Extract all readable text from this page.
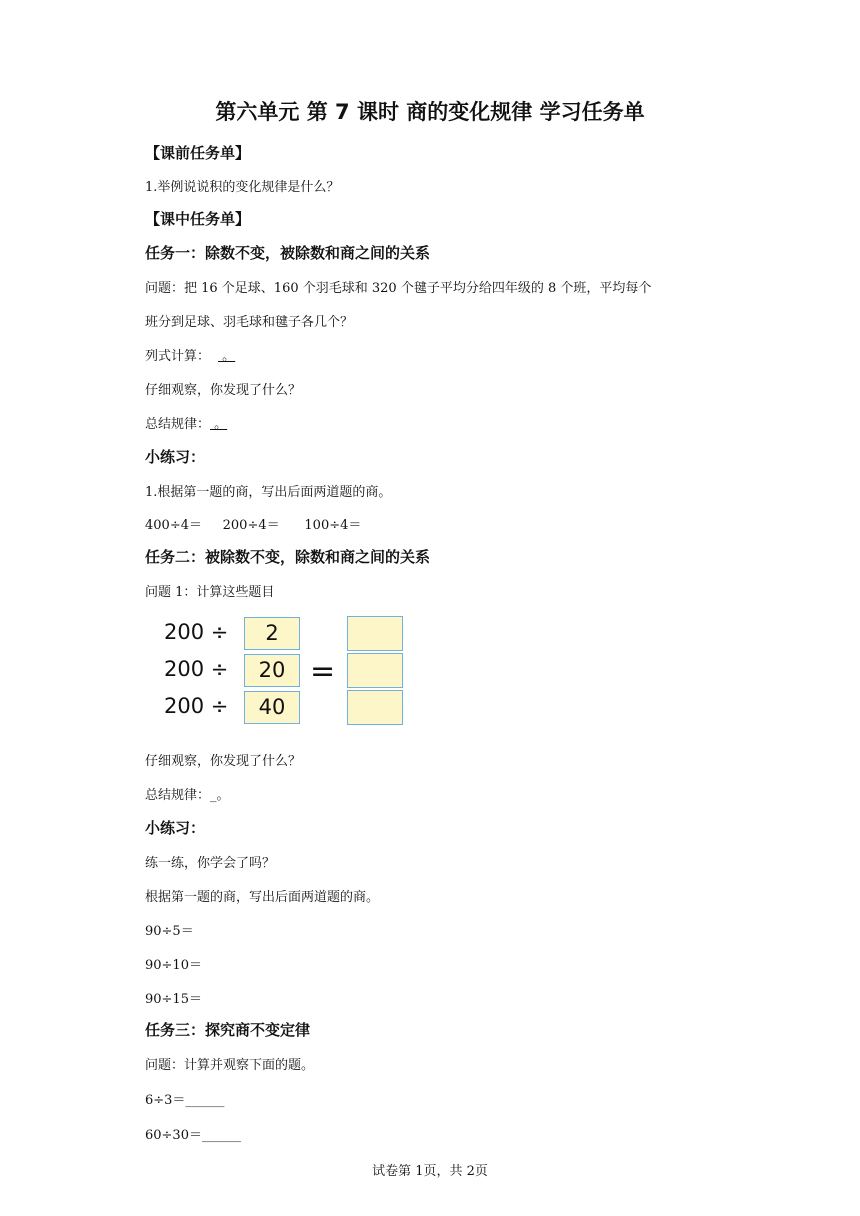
第六单元 第 7 课时 商的变化规律 学习任务单
【课前任务单】
1.举例说说积的变化规律是什么？
【课中任务单】
任务一：除数不变，被除数和商之间的关系
问题：把 16 个足球、160 个羽毛球和 320 个毽子平均分给四年级的 8 个班，平均每个
班分到足球、羽毛球和毽子各几个？
列式计算： 。
仔细观察，你发现了什么？
总结规律： 。
小练习：
1.根据第一题的商，写出后面两道题的商。
400÷4＝     200÷4＝      100÷4＝
任务二：被除数不变，除数和商之间的关系
问题 1：计算这些题目
200 ÷
200 ÷
200 ÷
2
20
40
=
仔细观察，你发现了什么？
总结规律：_。
小练习：
练一练，你学会了吗？
根据第一题的商，写出后面两道题的商。
90÷5＝
90÷10＝
90÷15＝
任务三：探究商不变定律
问题：计算并观察下面的题。
6÷3＝______
60÷30＝______
试卷第 1页，共 2页
